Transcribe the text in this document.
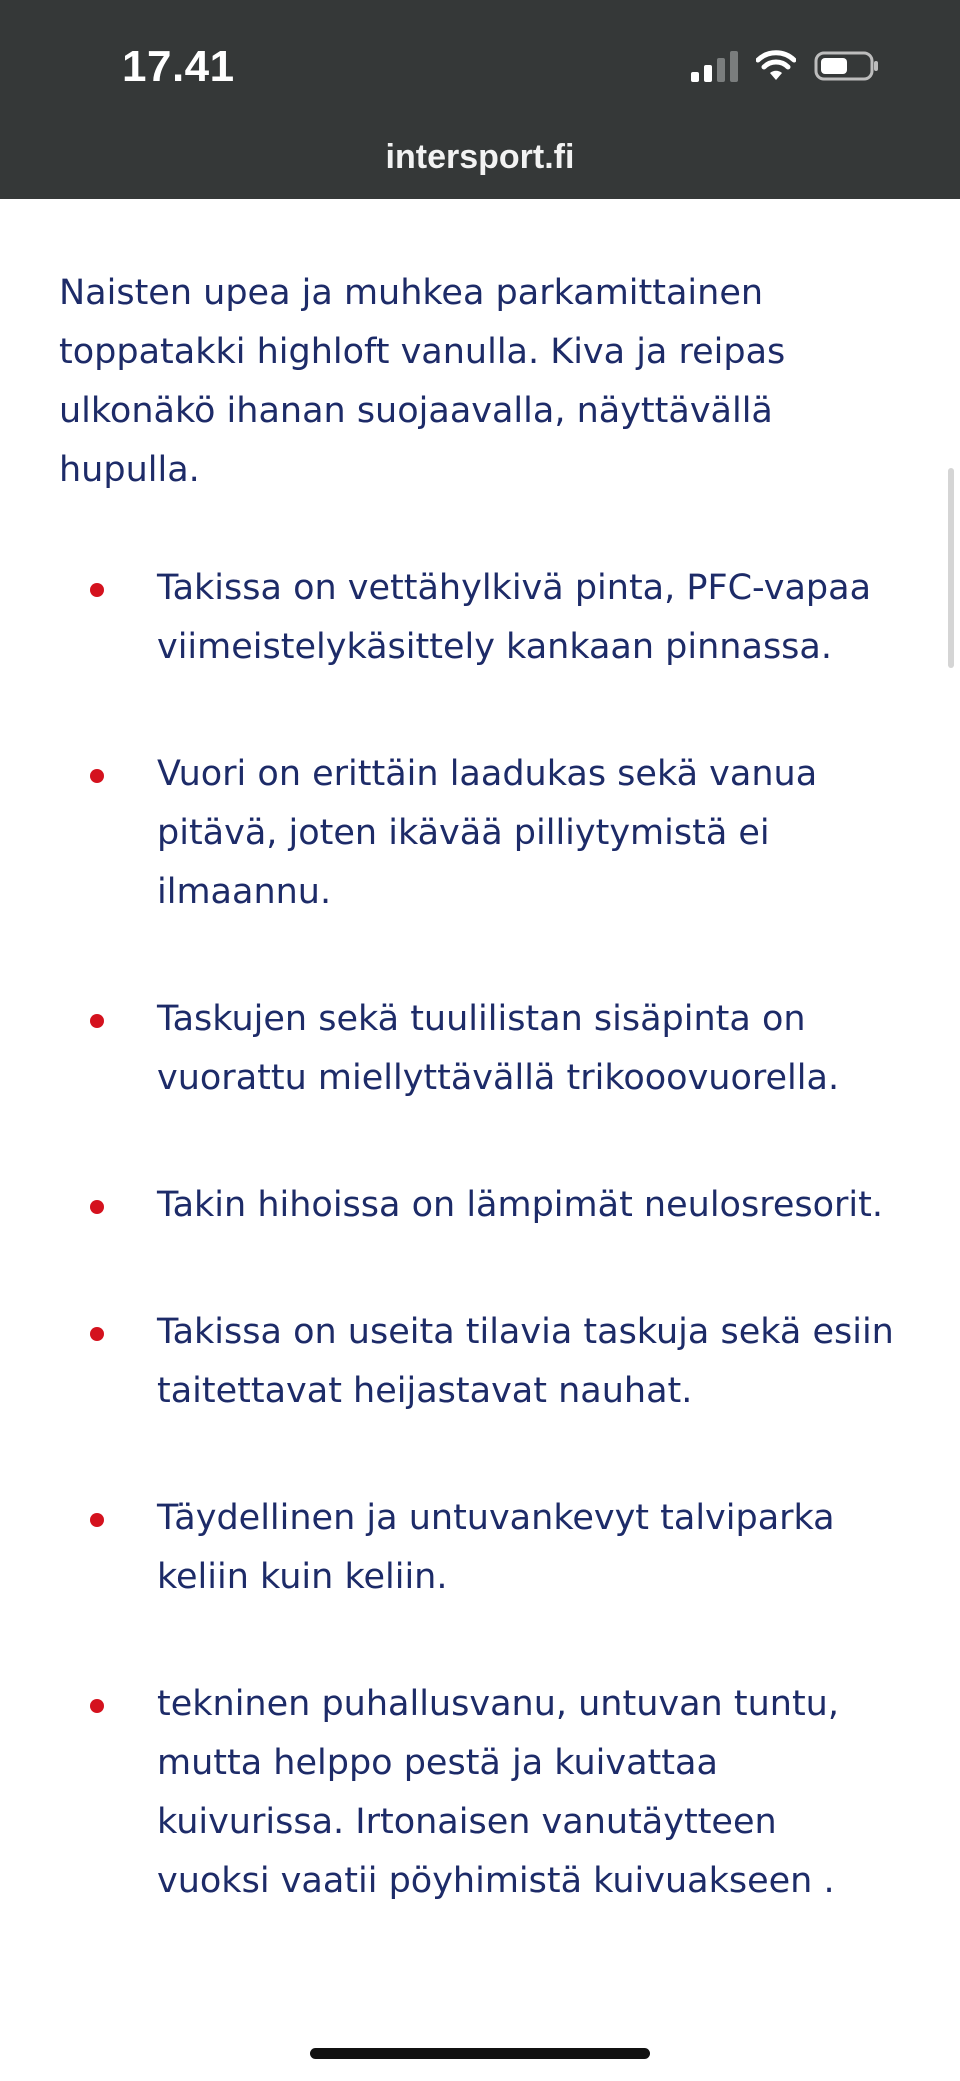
17.41
intersport.fi

Naisten upea ja muhkea parkamittainen toppatakki highloft vanulla. Kiva ja reipas ulkonäkö ihanan suojaavalla, näyttävällä hupulla.

Takissa on vettähylkivä pinta, PFC-vapaa viimeistelykäsittely kankaan pinnassa.
Vuori on erittäin laadukas sekä vanua pitävä, joten ikävää pilliytymistä ei ilmaannu.
Taskujen sekä tuulilistan sisäpinta on vuorattu miellyttävällä trikooovuorella.
Takin hihoissa on lämpimät neulosresorit.
Takissa on useita tilavia taskuja sekä esiin taitettavat heijastavat nauhat.
Täydellinen ja untuvankevyt talviparka keliin kuin keliin.
tekninen puhallusvanu, untuvan tuntu, mutta helppo pestä ja kuivattaa kuivurissa. Irtonaisen vanutäytteen vuoksi vaatii pöyhimistä kuivuakseen .
